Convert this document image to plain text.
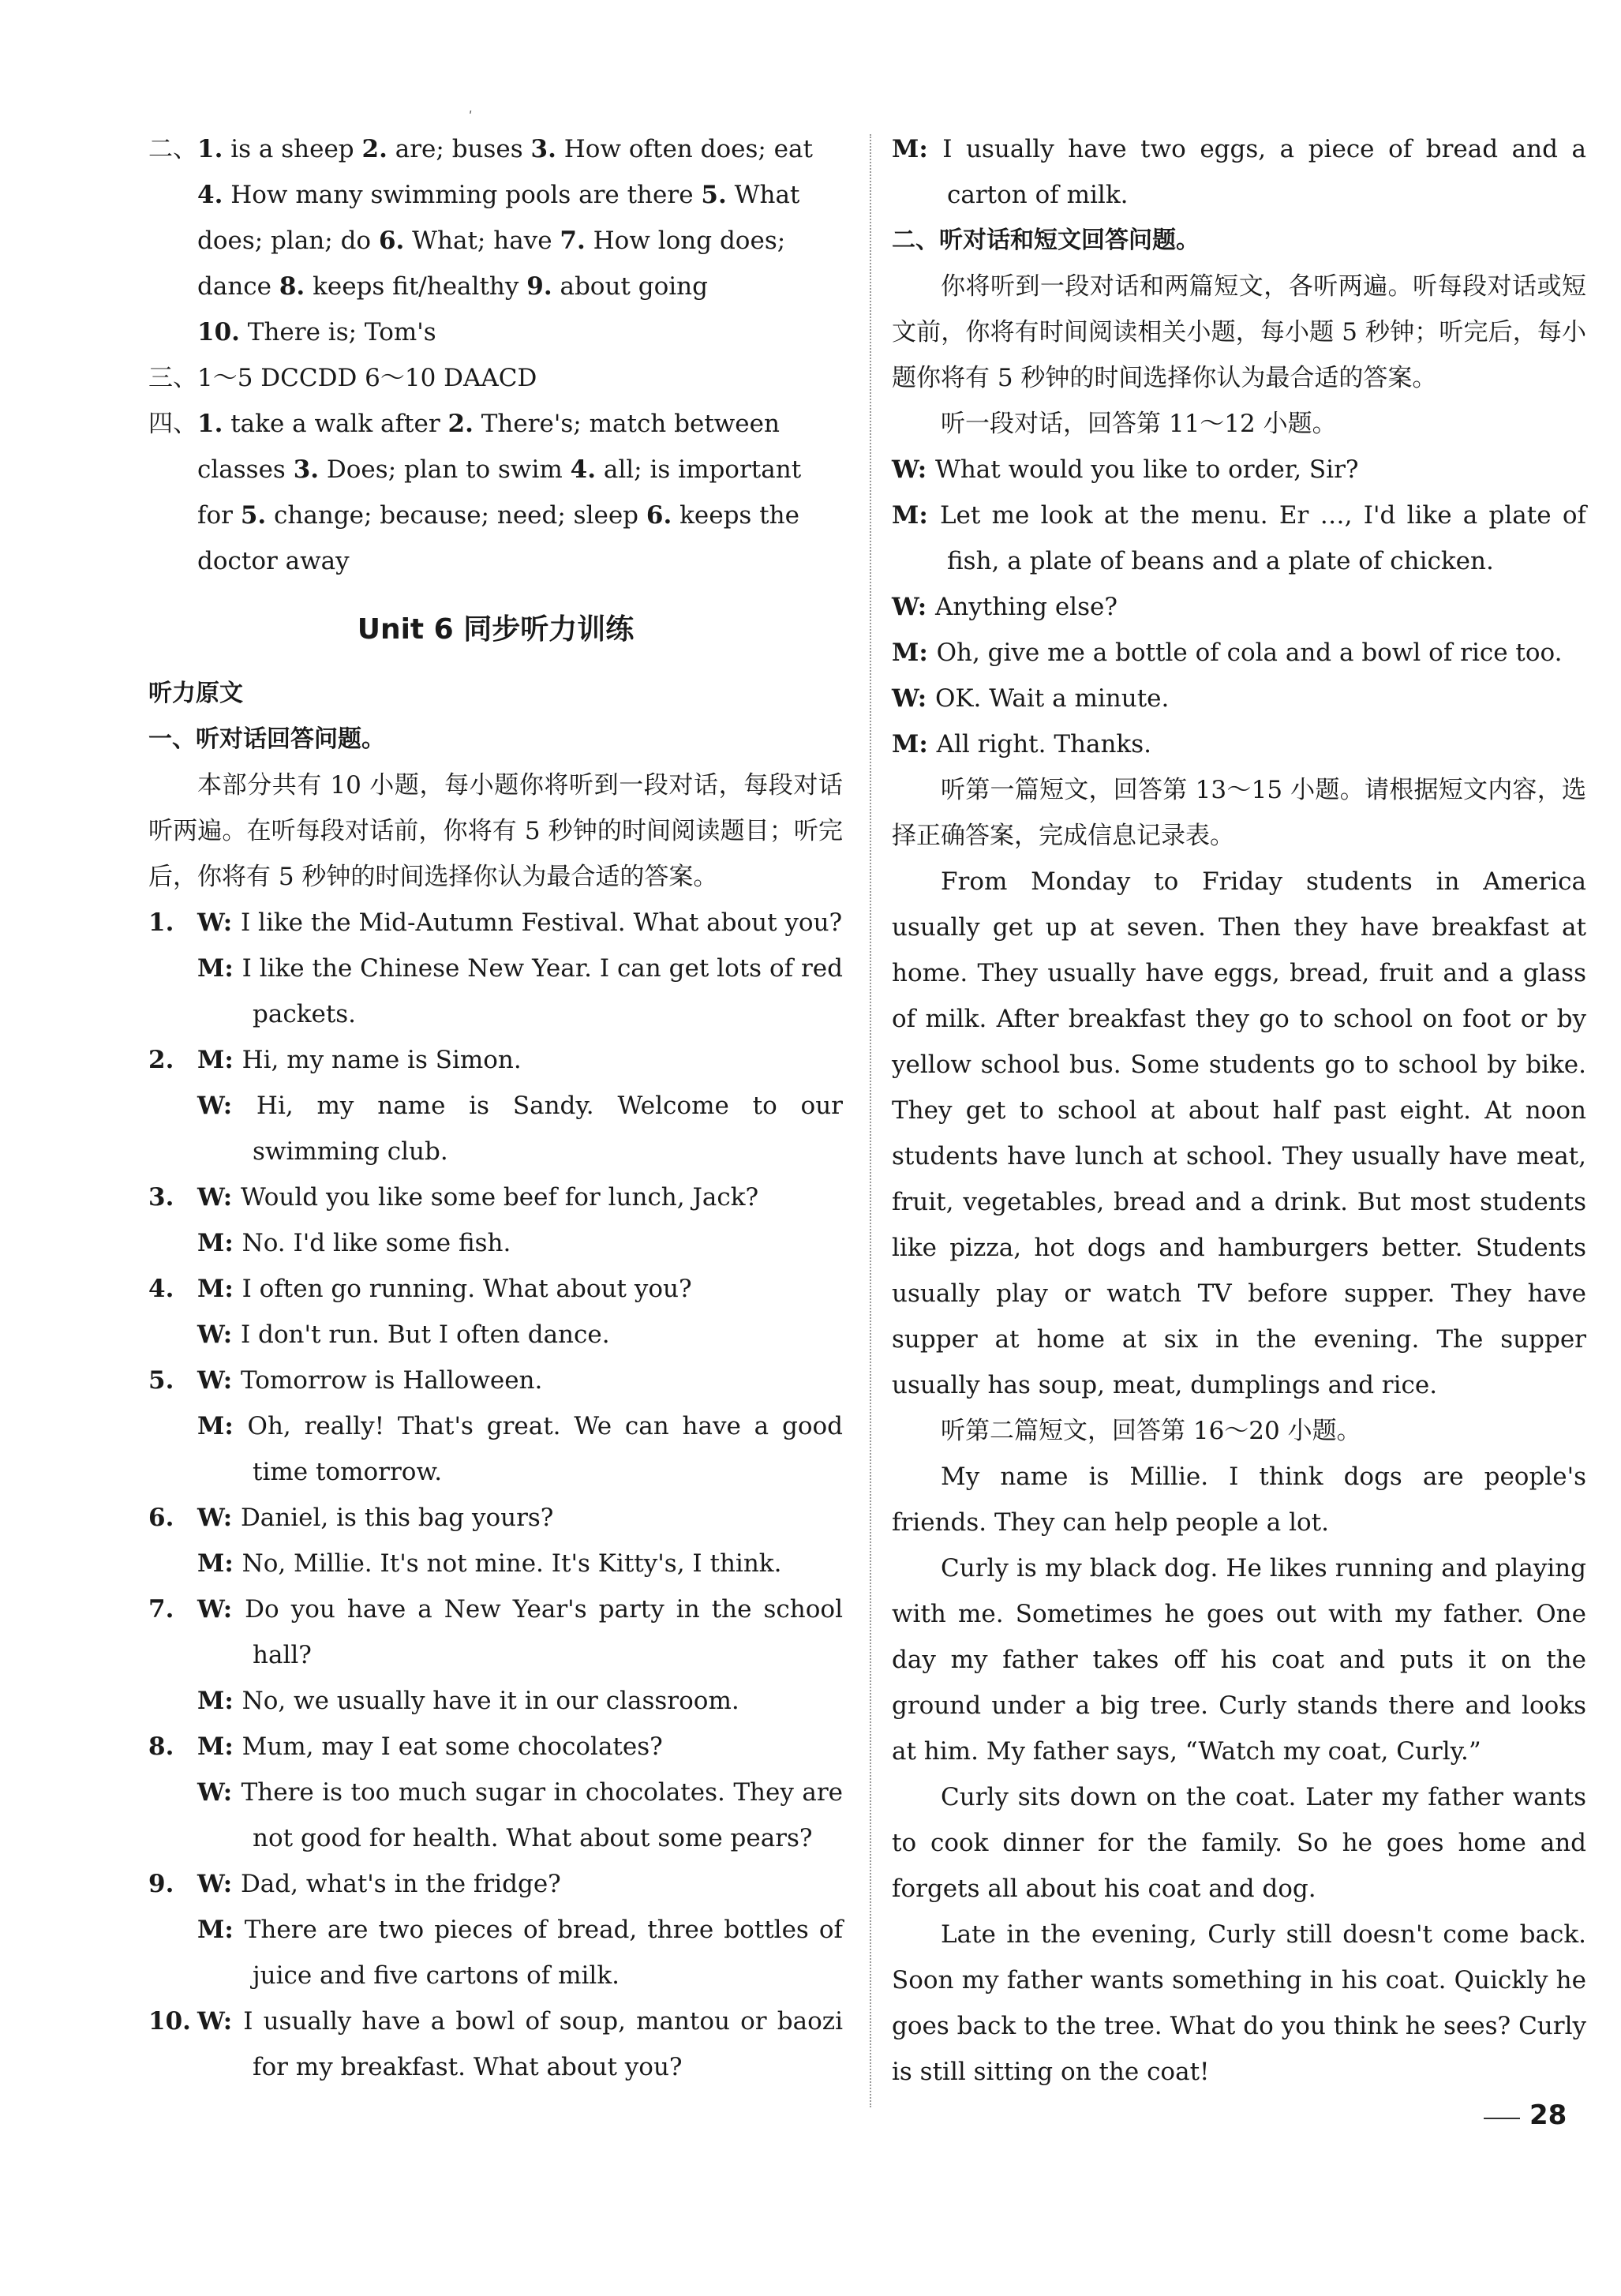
ʹ

二、 1. is a sheep 2. are; buses 3. How often does; eat

4. How many swimming pools are there 5. What

does; plan; do 6. What; have 7. How long does;

dance 8. keeps fit/healthy 9. about going

10. There is; Tom's

三、1～5 DCCDD 6～10 DAACD

四、 1. take a walk after 2. There's; match between

classes 3. Does; plan to swim 4. all; is important

for 5. change; because; need; sleep 6. keeps the

doctor away

Unit 6 同步听力训练

听力原文

一、听对话回答问题。

本部分共有 10 小题，每小题你将听到一段对话，每段对话听两遍。在听每段对话前，你将有 5 秒钟的时间阅读题目；听完后，你将有 5 秒钟的时间选择你认为最合适的答案。

1. W: I like the Mid-Autumn Festival. What about you?

M: I like the Chinese New Year. I can get lots of red packets.

2. M: Hi, my name is Simon.

W: Hi, my name is Sandy. Welcome to our swimming club.

3. W: Would you like some beef for lunch, Jack?

M: No. I'd like some fish.

4. M: I often go running. What about you?

W: I don't run. But I often dance.

5. W: Tomorrow is Halloween.

M: Oh, really! That's great. We can have a good time tomorrow.

6. W: Daniel, is this bag yours?

M: No, Millie. It's not mine. It's Kitty's, I think.

7. W: Do you have a New Year's party in the school hall?

M: No, we usually have it in our classroom.

8. M: Mum, may I eat some chocolates?

W: There is too much sugar in chocolates. They are not good for health. What about some pears?

9. W: Dad, what's in the fridge?

M: There are two pieces of bread, three bottles of juice and five cartons of milk.

10. W: I usually have a bowl of soup, mantou or baozi for my breakfast. What about you?

M: I usually have two eggs, a piece of bread and a carton of milk.

二、听对话和短文回答问题。

你将听到一段对话和两篇短文，各听两遍。听每段对话或短文前，你将有时间阅读相关小题，每小题 5 秒钟；听完后，每小题你将有 5 秒钟的时间选择你认为最合适的答案。

听一段对话，回答第 11～12 小题。

W: What would you like to order, Sir?

M: Let me look at the menu. Er …, I'd like a plate of fish, a plate of beans and a plate of chicken.

W: Anything else?

M: Oh, give me a bottle of cola and a bowl of rice too.

W: OK. Wait a minute.

M: All right. Thanks.

听第一篇短文，回答第 13～15 小题。请根据短文内容，选择正确答案，完成信息记录表。

From Monday to Friday students in America usually get up at seven. Then they have breakfast at home. They usually have eggs, bread, fruit and a glass of milk. After breakfast they go to school on foot or by yellow school bus. Some students go to school by bike. They get to school at about half past eight. At noon students have lunch at school. They usually have meat, fruit, vegetables, bread and a drink. But most students like pizza, hot dogs and hamburgers better. Students usually play or watch TV before supper. They have supper at home at six in the evening. The supper usually has soup, meat, dumplings and rice.

听第二篇短文，回答第 16～20 小题。

My name is Millie. I think dogs are people's friends. They can help people a lot.

Curly is my black dog. He likes running and playing with me. Sometimes he goes out with my father. One day my father takes off his coat and puts it on the ground under a big tree. Curly stands there and looks at him. My father says, “Watch my coat, Curly.”

Curly sits down on the coat. Later my father wants to cook dinner for the family. So he goes home and forgets all about his coat and dog.

Late in the evening, Curly still doesn't come back. Soon my father wants something in his coat. Quickly he goes back to the tree. What do you think he sees? Curly is still sitting on the coat!

28
